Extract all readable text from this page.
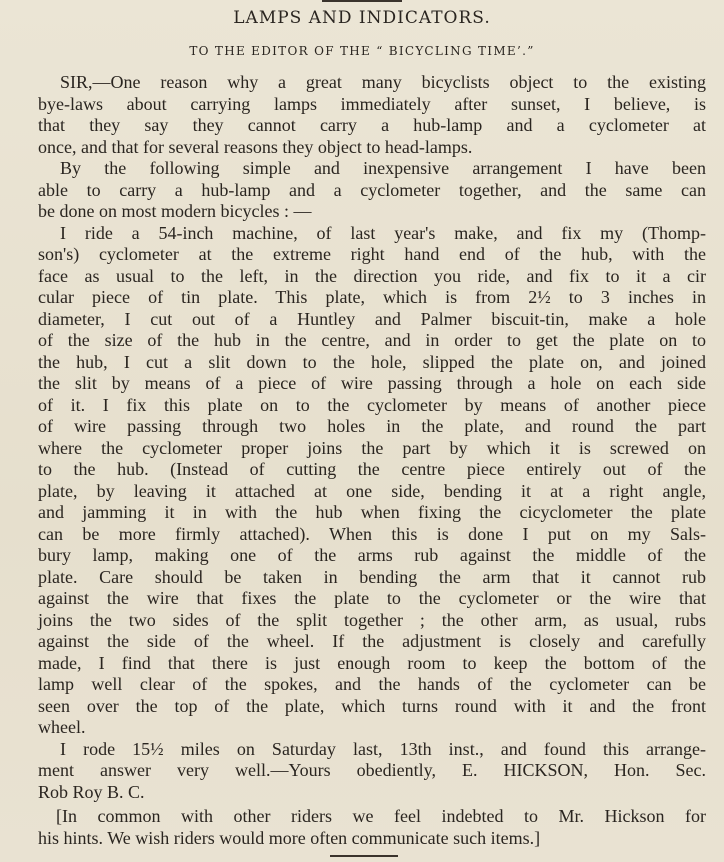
LAMPS AND INDICATORS.
TO THE EDITOR OF THE “ BICYCLING TIME’.”
SIR,—One reason why a great many bicyclists object to the existing
bye-laws about carrying lamps immediately after sunset, I believe, is
that they say they cannot carry a hub-lamp and a cyclometer at
once, and that for several reasons they object to head-lamps.
By the following simple and inexpensive arrangement I have been
able to carry a hub-lamp and a cyclometer together, and the same can
be done on most modern bicycles : —
I ride a 54-inch machine, of last year's make, and fix my (Thomp-
son's) cyclometer at the extreme right hand end of the hub, with the
face as usual to the left, in the direction you ride, and fix to it a cir
cular piece of tin plate. This plate, which is from 2½ to 3 inches in
diameter, I cut out of a Huntley and Palmer biscuit-tin, make a hole
of the size of the hub in the centre, and in order to get the plate on to
the hub, I cut a slit down to the hole, slipped the plate on, and joined
the slit by means of a piece of wire passing through a hole on each side
of it. I fix this plate on to the cyclometer by means of another piece
of wire passing through two holes in the plate, and round the part
where the cyclometer proper joins the part by which it is screwed on
to the hub. (Instead of cutting the centre piece entirely out of the
plate, by leaving it attached at one side, bending it at a right angle,
and jamming it in with the hub when fixing the cicyclometer the plate
can be more firmly attached). When this is done I put on my Sals-
bury lamp, making one of the arms rub against the middle of the
plate. Care should be taken in bending the arm that it cannot rub
against the wire that fixes the plate to the cyclometer or the wire that
joins the two sides of the split together ; the other arm, as usual, rubs
against the side of the wheel. If the adjustment is closely and carefully
made, I find that there is just enough room to keep the bottom of the
lamp well clear of the spokes, and the hands of the cyclometer can be
seen over the top of the plate, which turns round with it and the front
wheel.
I rode 15½ miles on Saturday last, 13th inst., and found this arrange-
ment answer very well.—Yours obediently, E. HICKSON, Hon. Sec.
Rob Roy B. C.
[In common with other riders we feel indebted to Mr. Hickson for
his hints. We wish riders would more often communicate such items.]
